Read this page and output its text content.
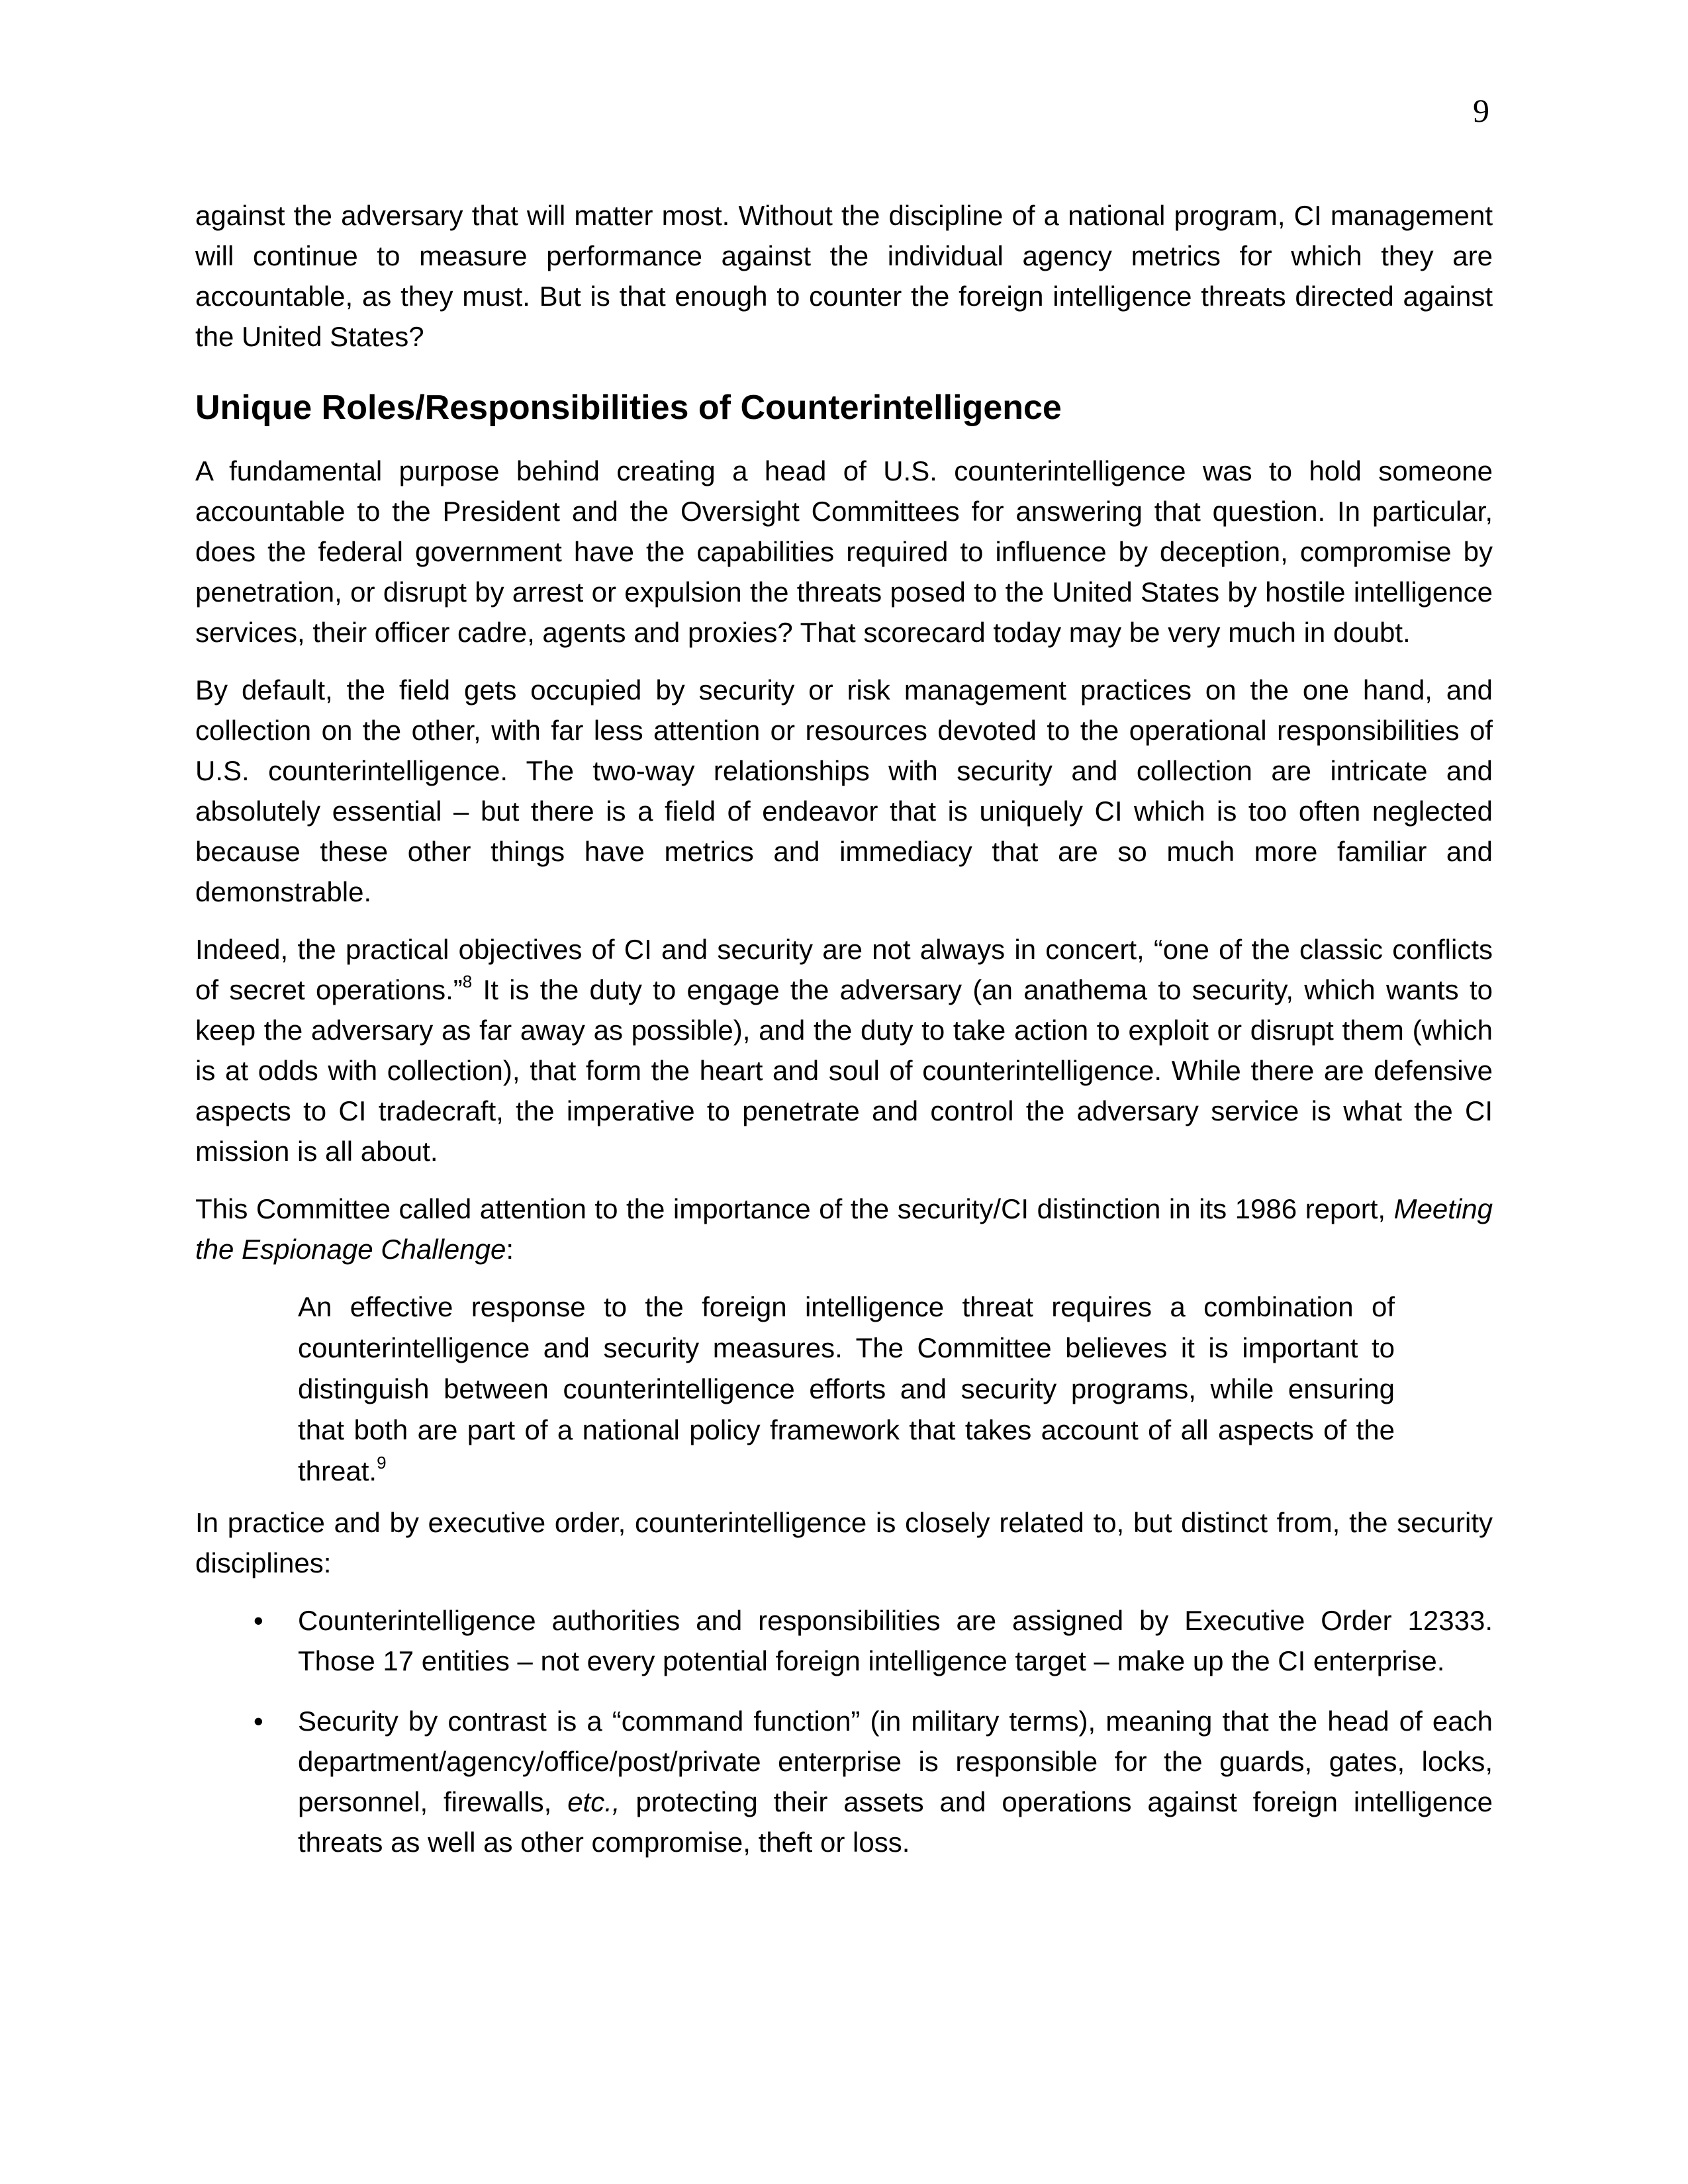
9

against the adversary that will matter most. Without the discipline of a national program, CI management will continue to measure performance against the individual agency metrics for which they are accountable, as they must. But is that enough to counter the foreign intelligence threats directed against the United States?

Unique Roles/Responsibilities of Counterintelligence

A fundamental purpose behind creating a head of U.S. counterintelligence was to hold someone accountable to the President and the Oversight Committees for answering that question. In particular, does the federal government have the capabilities required to influence by deception, compromise by penetration, or disrupt by arrest or expulsion the threats posed to the United States by hostile intelligence services, their officer cadre, agents and proxies? That scorecard today may be very much in doubt.

By default, the field gets occupied by security or risk management practices on the one hand, and collection on the other, with far less attention or resources devoted to the operational responsibilities of U.S. counterintelligence. The two-way relationships with security and collection are intricate and absolutely essential – but there is a field of endeavor that is uniquely CI which is too often neglected because these other things have metrics and immediacy that are so much more familiar and demonstrable.

Indeed, the practical objectives of CI and security are not always in concert, “one of the classic conflicts of secret operations.”$^8$ It is the duty to engage the adversary (an anathema to security, which wants to keep the adversary as far away as possible), and the duty to take action to exploit or disrupt them (which is at odds with collection), that form the heart and soul of counterintelligence. While there are defensive aspects to CI tradecraft, the imperative to penetrate and control the adversary service is what the CI mission is all about.

This Committee called attention to the importance of the security/CI distinction in its 1986 report, Meeting the Espionage Challenge:

An effective response to the foreign intelligence threat requires a combination of counterintelligence and security measures. The Committee believes it is important to distinguish between counterintelligence efforts and security programs, while ensuring that both are part of a national policy framework that takes account of all aspects of the threat.$^9$

In practice and by executive order, counterintelligence is closely related to, but distinct from, the security disciplines:

• Counterintelligence authorities and responsibilities are assigned by Executive Order 12333. Those 17 entities – not every potential foreign intelligence target – make up the CI enterprise.
• Security by contrast is a “command function” (in military terms), meaning that the head of each department/agency/office/post/private enterprise is responsible for the guards, gates, locks, personnel, firewalls, etc., protecting their assets and operations against foreign intelligence threats as well as other compromise, theft or loss.
